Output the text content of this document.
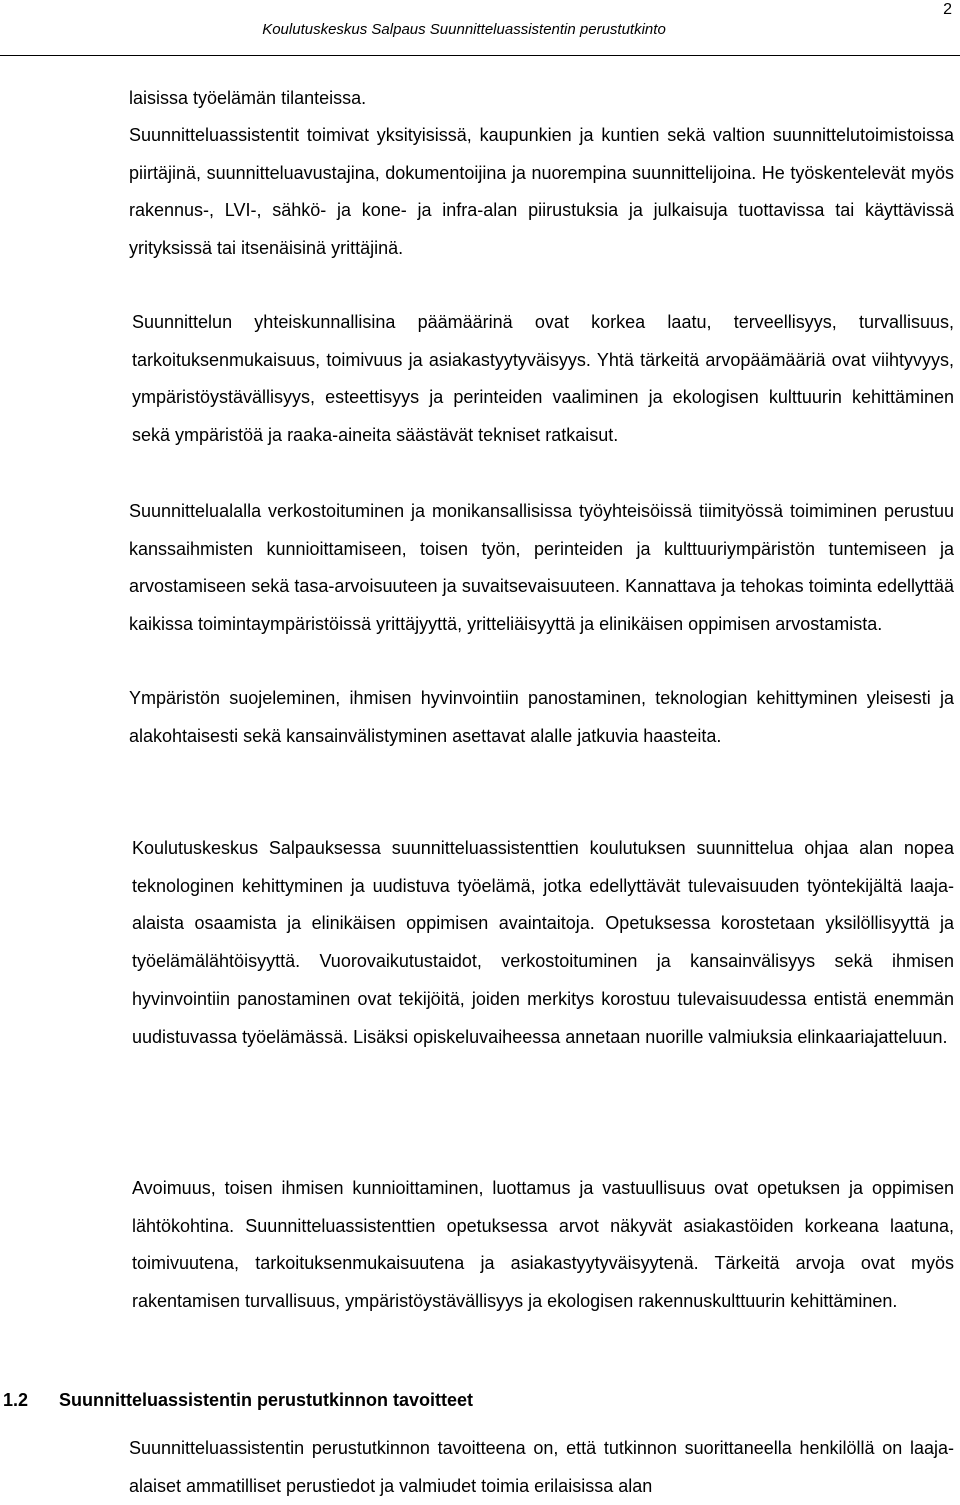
2
Koulutuskeskus Salpaus Suunnitteluassistentin perustutkinto

laisissa työelämän tilanteissa.

Suunnitteluassistentit toimivat yksityisissä, kaupunkien ja kuntien sekä valtion suunnittelutoimistoissa piirtäjinä, suunnitteluavustajina, dokumentoijina ja nuorempina suunnittelijoina. He työskentelevät myös rakennus-, LVI-, sähkö- ja kone- ja infra-alan piirustuksia ja julkaisuja tuottavissa tai käyttävissä yrityksissä tai itsenäisinä yrittäjinä.

Suunnittelun yhteiskunnallisina päämäärinä ovat korkea laatu, terveellisyys, turvallisuus, tarkoituksenmukaisuus, toimivuus ja asiakastyytyväisyys. Yhtä tärkeitä arvopäämääriä ovat viihtyvyys, ympäristöystävällisyys, esteettisyys ja perinteiden vaaliminen ja ekologisen kulttuurin kehittäminen sekä ympäristöä ja raaka-aineita säästävät tekniset ratkaisut.

Suunnittelualalla verkostoituminen ja monikansallisissa työyhteisöissä tiimityössä toimiminen perustuu kanssaihmisten kunnioittamiseen, toisen työn, perinteiden ja kulttuuriympäristön tuntemiseen ja arvostamiseen sekä tasa-arvoisuuteen ja suvaitsevaisuuteen. Kannattava ja tehokas toiminta edellyttää kaikissa toimintaympäristöissä yrittäjyyttä, yritteliäisyyttä ja elinikäisen oppimisen arvostamista.

Ympäristön suojeleminen, ihmisen hyvinvointiin panostaminen, teknologian kehittyminen yleisesti ja alakohtaisesti sekä kansainvälistyminen asettavat alalle jatkuvia haasteita.

Koulutuskeskus Salpauksessa suunnitteluassistenttien koulutuksen suunnittelua ohjaa alan nopea teknologinen kehittyminen ja uudistuva työelämä, jotka edellyttävät tulevaisuuden työntekijältä laaja-alaista osaamista ja elinikäisen oppimisen avaintaitoja. Opetuksessa korostetaan yksilöllisyyttä ja työelämälähtöisyyttä. Vuorovaikutustaidot, verkostoituminen ja kansainvälisyys sekä ihmisen hyvinvointiin panostaminen ovat tekijöitä, joiden merkitys korostuu tulevaisuudessa entistä enemmän uudistuvassa työelämässä. Lisäksi opiskeluvaiheessa annetaan nuorille valmiuksia elinkaariajatteluun.

Avoimuus, toisen ihmisen kunnioittaminen, luottamus ja vastuullisuus ovat opetuksen ja oppimisen lähtökohtina. Suunnitteluassistenttien opetuksessa arvot näkyvät asiakastöiden korkeana laatuna, toimivuutena, tarkoituksenmukaisuutena ja asiakastyytyväisyytenä. Tärkeitä arvoja ovat myös rakentamisen turvallisuus, ympäristöystävällisyys ja ekologisen rakennuskulttuurin kehittäminen.

1.2 Suunnitteluassistentin perustutkinnon tavoitteet

Suunnitteluassistentin perustutkinnon tavoitteena on, että tutkinnon suorittaneella henkilöllä on laaja-alaiset ammatilliset perustiedot ja valmiudet toimia erilaisissa alan
